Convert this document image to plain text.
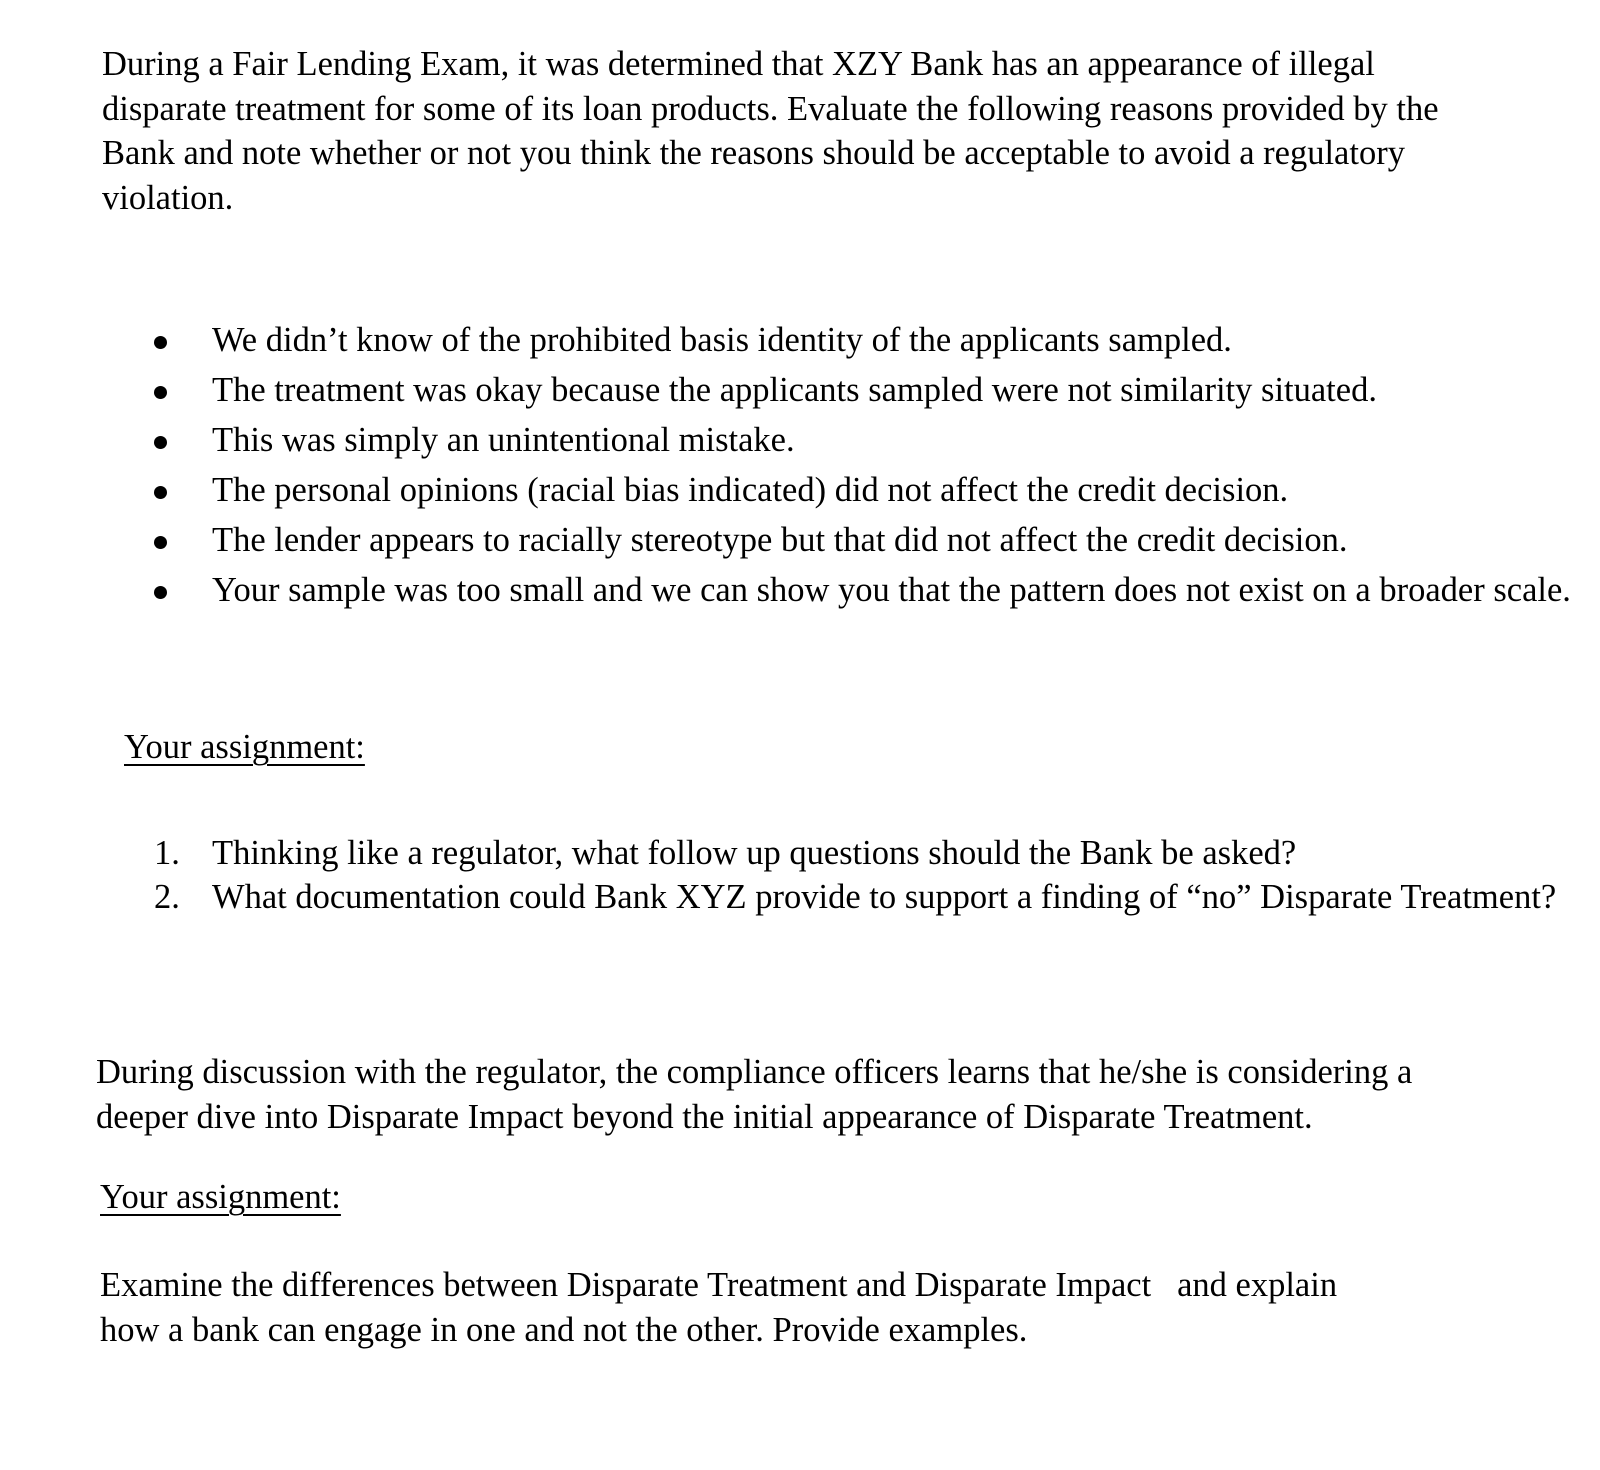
During a Fair Lending Exam, it was determined that XZY Bank has an appearance of illegal
disparate treatment for some of its loan products. Evaluate the following reasons provided by the
Bank and note whether or not you think the reasons should be acceptable to avoid a regulatory
violation.

We didn’t know of the prohibited basis identity of the applicants sampled.
The treatment was okay because the applicants sampled were not similarity situated.
This was simply an unintentional mistake.
The personal opinions (racial bias indicated) did not affect the credit decision.
The lender appears to racially stereotype but that did not affect the credit decision.
Your sample was too small and we can show you that the pattern does not exist on a broader scale.

Your assignment:

1. Thinking like a regulator, what follow up questions should the Bank be asked?
2. What documentation could Bank XYZ provide to support a finding of “no” Disparate Treatment?

During discussion with the regulator, the compliance officers learns that he/she is considering a
deeper dive into Disparate Impact beyond the initial appearance of Disparate Treatment.

Your assignment:

Examine the differences between Disparate Treatment and Disparate Impact   and explain
how a bank can engage in one and not the other. Provide examples.
